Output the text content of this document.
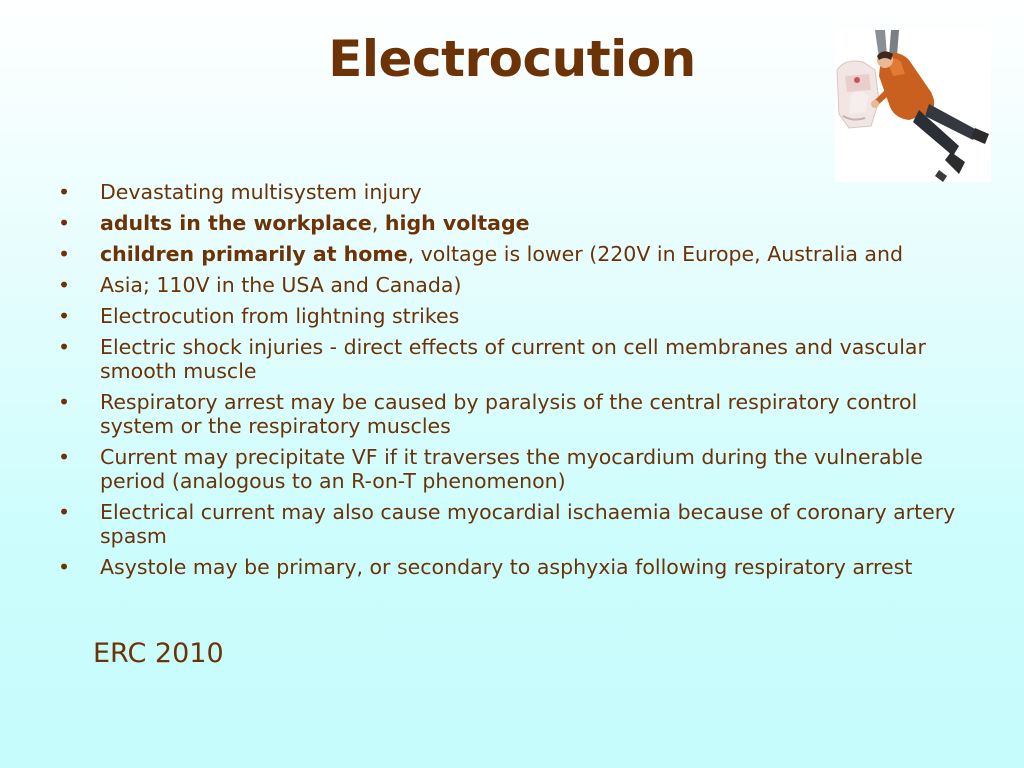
Electrocution
•	Devastating multisystem injury
•	adults in the workplace, high voltage
•	children primarily at home, voltage is lower (220V in Europe, Australia and
•	Asia; 110V in the USA and Canada)
•	Electrocution from lightning strikes
•	Electric shock injuries - direct effects of current on cell membranes and vascular smooth muscle
•	Respiratory arrest may be caused by paralysis of the central respiratory control system or the respiratory muscles
•	Current may precipitate VF if it traverses the myocardium during the vulnerable period (analogous to an R-on-T phenomenon)
•	Electrical current may also cause myocardial ischaemia because of coronary artery spasm
•	Asystole may be primary, or secondary to asphyxia following respiratory arrest
ERC 2010
